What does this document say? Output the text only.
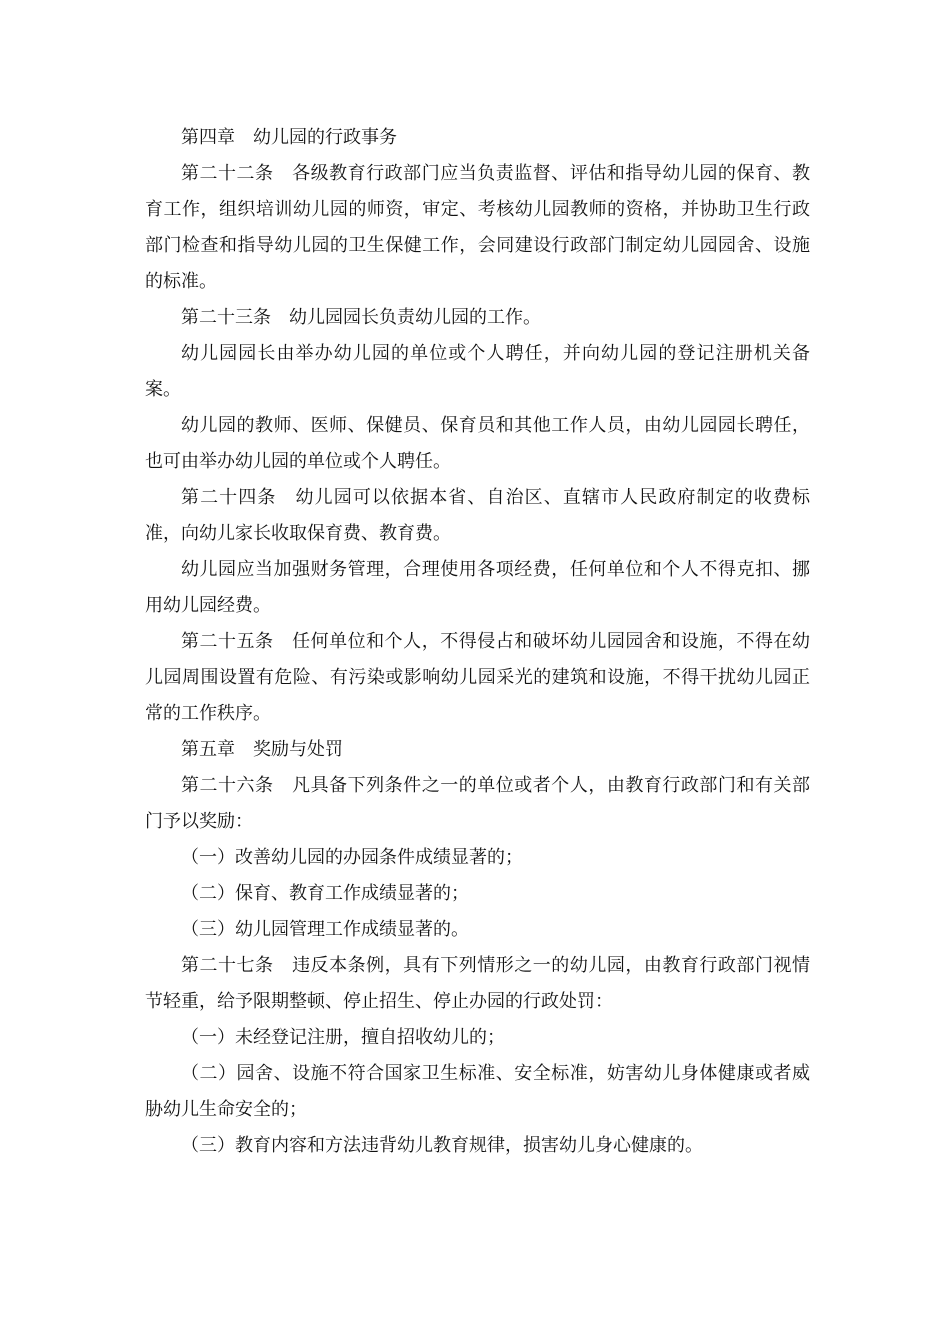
第四章　幼儿园的行政事务

第二十二条　各级教育行政部门应当负责监督、评估和指导幼儿园的保育、教育工作，组织培训幼儿园的师资，审定、考核幼儿园教师的资格，并协助卫生行政部门检查和指导幼儿园的卫生保健工作，会同建设行政部门制定幼儿园园舍、设施的标准。

第二十三条　幼儿园园长负责幼儿园的工作。

幼儿园园长由举办幼儿园的单位或个人聘任，并向幼儿园的登记注册机关备案。

幼儿园的教师、医师、保健员、保育员和其他工作人员，由幼儿园园长聘任，也可由举办幼儿园的单位或个人聘任。

第二十四条　幼儿园可以依据本省、自治区、直辖市人民政府制定的收费标准，向幼儿家长收取保育费、教育费。

幼儿园应当加强财务管理，合理使用各项经费，任何单位和个人不得克扣、挪用幼儿园经费。

第二十五条　任何单位和个人，不得侵占和破坏幼儿园园舍和设施，不得在幼儿园周围设置有危险、有污染或影响幼儿园采光的建筑和设施，不得干扰幼儿园正常的工作秩序。

第五章　奖励与处罚

第二十六条　凡具备下列条件之一的单位或者个人，由教育行政部门和有关部门予以奖励：

（一）改善幼儿园的办园条件成绩显著的；

（二）保育、教育工作成绩显著的；

（三）幼儿园管理工作成绩显著的。

第二十七条　违反本条例，具有下列情形之一的幼儿园，由教育行政部门视情节轻重，给予限期整顿、停止招生、停止办园的行政处罚：

（一）未经登记注册，擅自招收幼儿的；

（二）园舍、设施不符合国家卫生标准、安全标准，妨害幼儿身体健康或者威胁幼儿生命安全的；

（三）教育内容和方法违背幼儿教育规律，损害幼儿身心健康的。
